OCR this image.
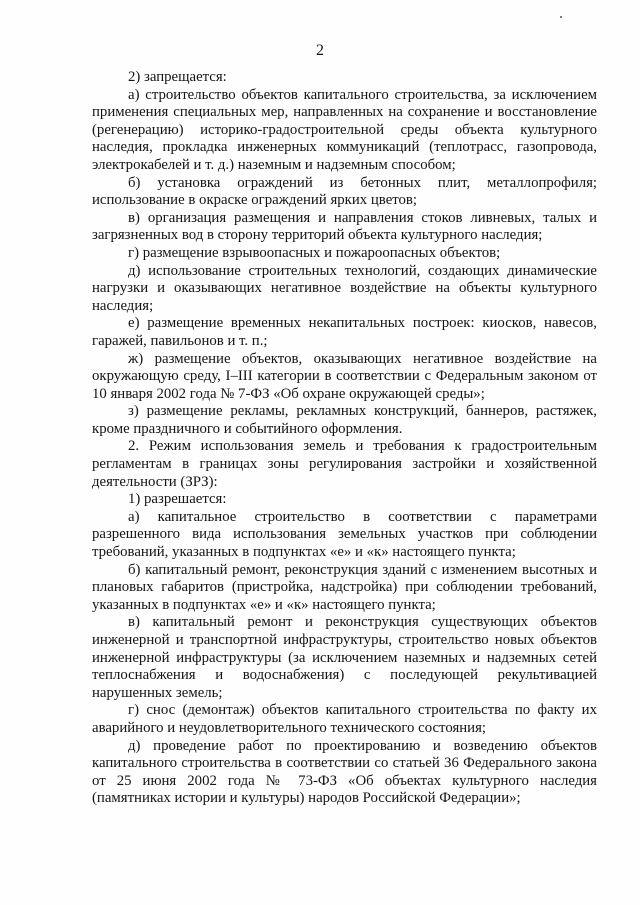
2

2) запрещается:

а) строительство объектов капитального строительства, за исключением применения специальных мер, направленных на сохранение и восстановление (регенерацию) историко-градостроительной среды объекта культурного наследия, прокладка инженерных коммуникаций (теплотрасс, газопровода, электрокабелей и т. д.) наземным и надземным способом;

б) установка ограждений из бетонных плит, металлопрофиля; использование в окраске ограждений ярких цветов;

в) организация размещения и направления стоков ливневых, талых и загрязненных вод в сторону территорий объекта культурного наследия;

г) размещение взрывоопасных и пожароопасных объектов;

д) использование строительных технологий, создающих динамические нагрузки и оказывающих негативное воздействие на объекты культурного наследия;

е) размещение временных некапитальных построек: киосков, навесов, гаражей, павильонов и т. п.;

ж) размещение объектов, оказывающих негативное воздействие на окружающую среду, I–III категории в соответствии с Федеральным законом от 10 января 2002 года № 7-ФЗ «Об охране окружающей среды»;

з) размещение рекламы, рекламных конструкций, баннеров, растяжек, кроме праздничного и событийного оформления.

2. Режим использования земель и требования к градостроительным регламентам в границах зоны регулирования застройки и хозяйственной деятельности (ЗРЗ):

1) разрешается:

а) капитальное строительство в соответствии с параметрами разрешенного вида использования земельных участков при соблюдении требований, указанных в подпунктах «е» и «к» настоящего пункта;

б) капитальный ремонт, реконструкция зданий с изменением высотных и плановых габаритов (пристройка, надстройка) при соблюдении требований, указанных в подпунктах «е» и «к» настоящего пункта;

в) капитальный ремонт и реконструкция существующих объектов инженерной и транспортной инфраструктуры, строительство новых объектов инженерной инфраструктуры (за исключением наземных и надземных сетей теплоснабжения и водоснабжения) с последующей рекультивацией нарушенных земель;

г) снос (демонтаж) объектов капитального строительства по факту их аварийного и неудовлетворительного технического состояния;

д) проведение работ по проектированию и возведению объектов капитального строительства в соответствии со статьей 36 Федерального закона от 25 июня 2002 года № 73-ФЗ «Об объектах культурного наследия (памятниках истории и культуры) народов Российской Федерации»;
